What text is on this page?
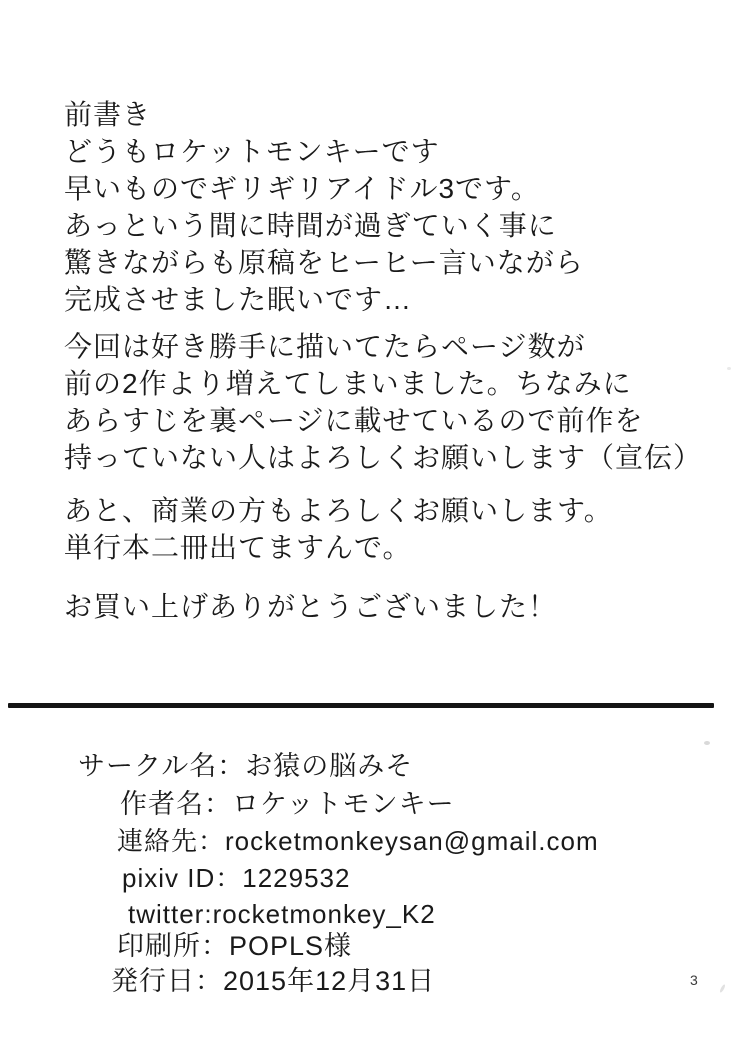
前書き
どうもロケットモンキーです
早いものでギリギリアイドル3です。
あっという間に時間が過ぎていく事に
驚きながらも原稿をヒーヒー言いながら
完成させました眠いです…
今回は好き勝手に描いてたらページ数が
前の2作より増えてしまいました。ちなみに
あらすじを裏ページに載せているので前作を
持っていない人はよろしくお願いします（宣伝）
あと、商業の方もよろしくお願いします。
単行本二冊出てますんで。
お買い上げありがとうございました！
サークル名：お猿の脳みそ
作者名：ロケットモンキー
連絡先：rocketmonkeysan@gmail.com
pixiv ID：1229532
twitter:rocketmonkey_K2
印刷所：POPLS様
発行日：2015年12月31日	3
